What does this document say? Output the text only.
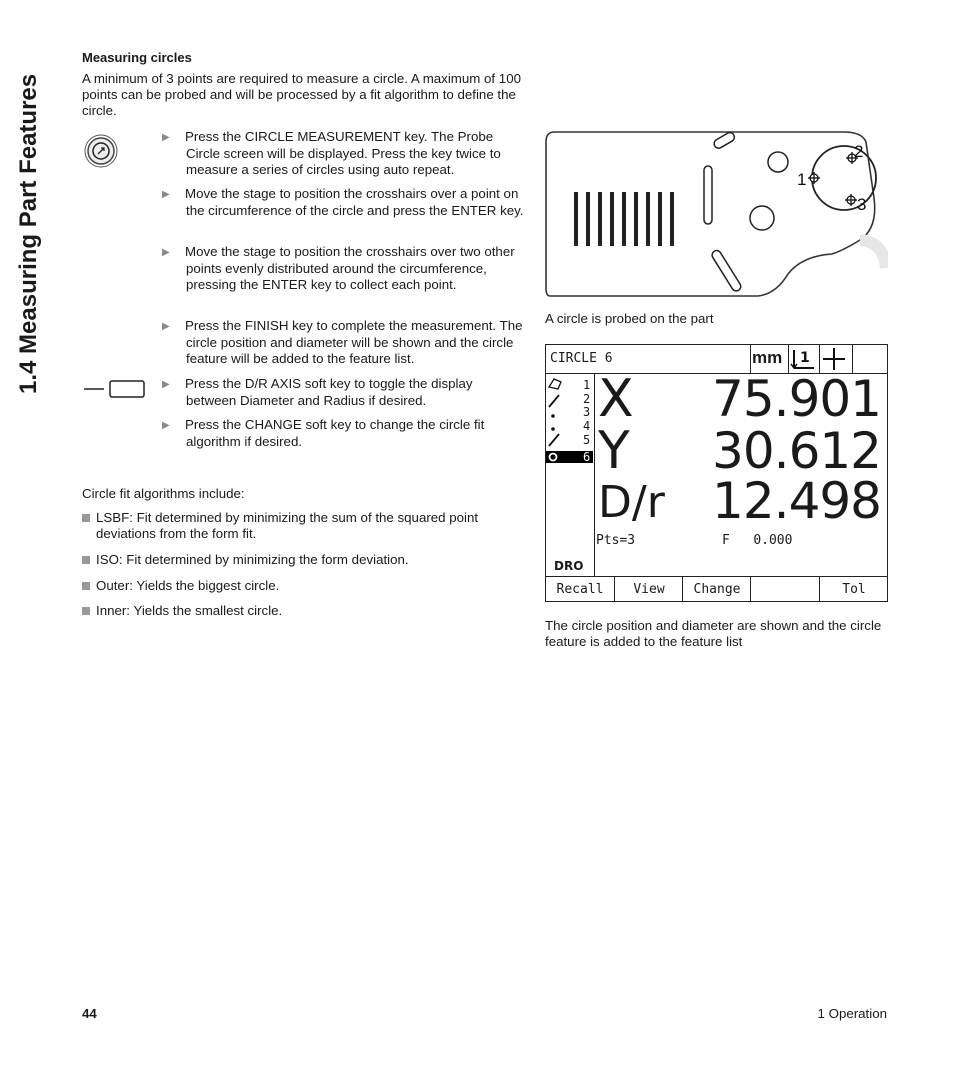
1.4 Measuring Part Features
Measuring circles
A minimum of 3 points are required to measure a circle. A maximum of 100 points can be probed and will be processed by a fit algorithm to define the circle.
▶ Press the CIRCLE MEASUREMENT key. The Probe Circle screen will be displayed. Press the key twice to measure a series of circles using auto repeat.
▶ Move the stage to position the crosshairs over a point on the circumference of the circle and press the ENTER key.
▶ Move the stage to position the crosshairs over two other points evenly distributed around the circumference, pressing the ENTER key to collect each point.
▶ Press the FINISH key to complete the measurement. The circle position and diameter will be shown and the circle feature will be added to the feature list.
▶ Press the D/R AXIS soft key to toggle the display between Diameter and Radius if desired.
▶ Press the CHANGE soft key to change the circle fit algorithm if desired.
Circle fit algorithms include:
LSBF: Fit determined by minimizing the sum of the squared point deviations from the form fit.
ISO: Fit determined by minimizing the form deviation.
Outer: Yields the biggest circle.
Inner: Yields the smallest circle.
1
2
3
A circle is probed on the part
CIRCLE 6	mm 1
1
2
3
4
5
6
X 75.901
Y 30.612
D/r 12.498
Pts=3	F 0.000
DRO
Recall	View	Change	Tol
The circle position and diameter are shown and the circle feature is added to the feature list
44	1 Operation
